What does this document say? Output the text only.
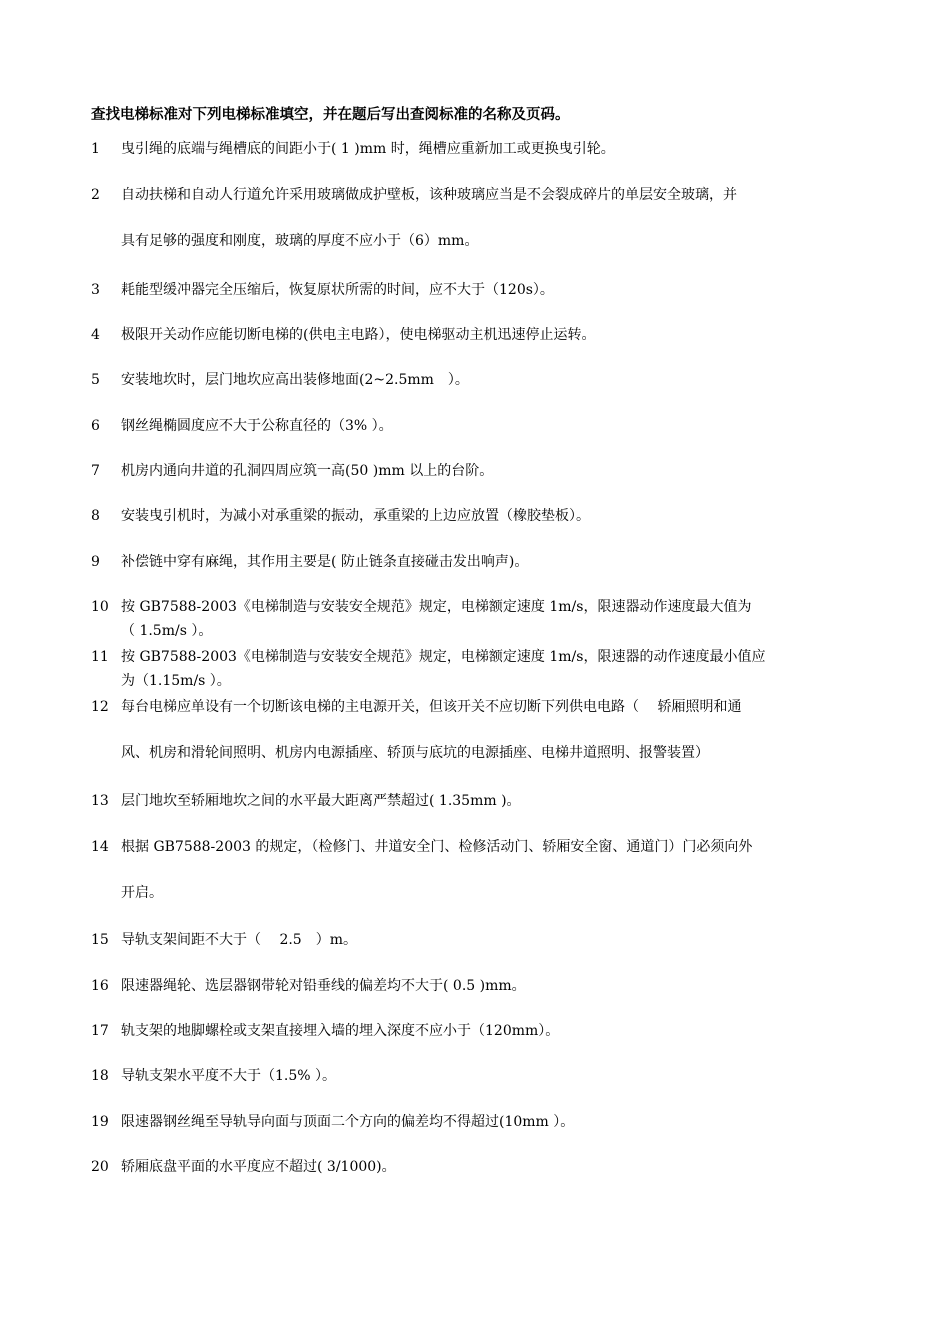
查找电梯标准对下列电梯标准填空，并在题后写出查阅标准的名称及页码。
1	曳引绳的底端与绳槽底的间距小于( 1 )mm 时，绳槽应重新加工或更换曳引轮。
2	自动扶梯和自动人行道允许采用玻璃做成护壁板，该种玻璃应当是不会裂成碎片的单层安全玻璃，并
具有足够的强度和刚度，玻璃的厚度不应小于（6）mm。
3	耗能型缓冲器完全压缩后，恢复原状所需的时间，应不大于（120s）。
4	极限开关动作应能切断电梯的(供电主电路），使电梯驱动主机迅速停止运转。
5	安装地坎时，层门地坎应高出装修地面(2~2.5mm　）。
6	钢丝绳椭圆度应不大于公称直径的（3% ）。
7	机房内通向井道的孔洞四周应筑一高(50 )mm 以上的台阶。
8	安装曳引机时，为减小对承重梁的振动，承重梁的上边应放置（橡胶垫板）。
9	补偿链中穿有麻绳，其作用主要是( 防止链条直接碰击发出响声)。
10 按 GB7588-2003《电梯制造与安装安全规范》规定，电梯额定速度 1m/s，限速器动作速度最大值为
（ 1.5m/s ）。
11 按 GB7588-2003《电梯制造与安装安全规范》规定，电梯额定速度 1m/s，限速器的动作速度最小值应
为（1.15m/s ）。
12 每台电梯应单设有一个切断该电梯的主电源开关，但该开关不应切断下列供电电路（　 轿厢照明和通
风、机房和滑轮间照明、机房内电源插座、轿顶与底坑的电源插座、电梯井道照明、报警装置）
13 层门地坎至轿厢地坎之间的水平最大距离严禁超过( 1.35mm )。
14 根据 GB7588-2003 的规定，（检修门、井道安全门、检修活动门、轿厢安全窗、通道门）门必须向外
开启。
15 导轨支架间距不大于（　 2.5　）m。
16 限速器绳轮、选层器钢带轮对铅垂线的偏差均不大于( 0.5 )mm。
17 轨支架的地脚螺栓或支架直接埋入墙的埋入深度不应小于（120mm）。
18 导轨支架水平度不大于（1.5% ）。
19 限速器钢丝绳至导轨导向面与顶面二个方向的偏差均不得超过(10mm ）。
20 轿厢底盘平面的水平度应不超过( 3/1000)。
